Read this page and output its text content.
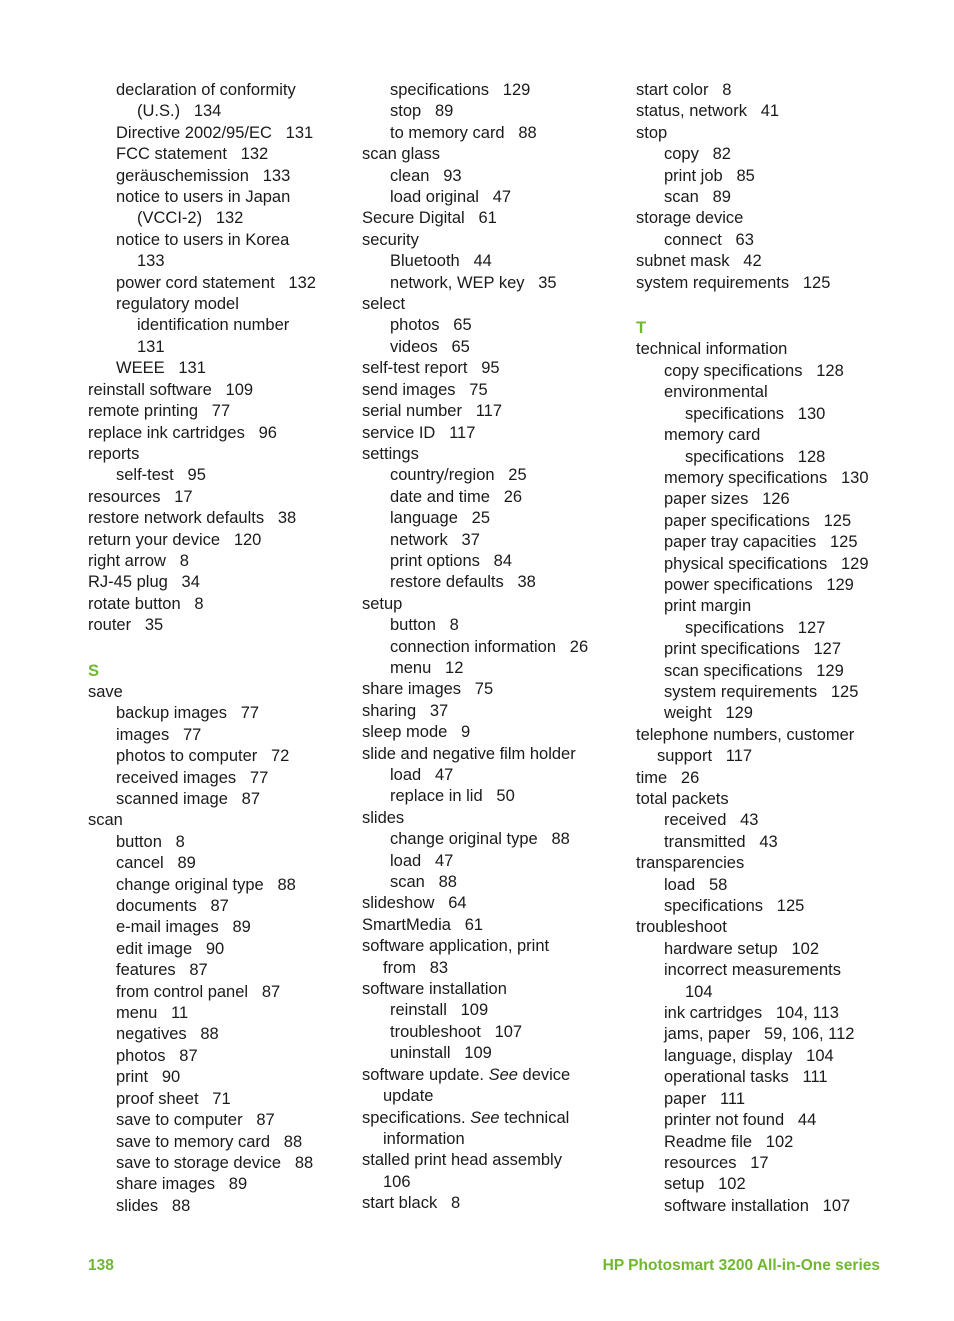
declaration of conformity
(U.S.)   134
Directive 2002/95/EC   131
FCC statement   132
geräuschemission   133
notice to users in Japan
(VCCI-2)   132
notice to users in Korea
133
power cord statement   132
regulatory model
identification number
131
WEEE   131
reinstall software   109
remote printing   77
replace ink cartridges   96
reports
self-test   95
resources   17
restore network defaults   38
return your device   120
right arrow   8
RJ-45 plug   34
rotate button   8
router   35
S
save
backup images   77
images   77
photos to computer   72
received images   77
scanned image   87
scan
button   8
cancel   89
change original type   88
documents   87
e-mail images   89
edit image   90
features   87
from control panel   87
menu   11
negatives   88
photos   87
print   90
proof sheet   71
save to computer   87
save to memory card   88
save to storage device   88
share images   89
slides   88
specifications   129
stop   89
to memory card   88
scan glass
clean   93
load original   47
Secure Digital   61
security
Bluetooth   44
network, WEP key   35
select
photos   65
videos   65
self-test report   95
send images   75
serial number   117
service ID   117
settings
country/region   25
date and time   26
language   25
network   37
print options   84
restore defaults   38
setup
button   8
connection information   26
menu   12
share images   75
sharing   37
sleep mode   9
slide and negative film holder
load   47
replace in lid   50
slides
change original type   88
load   47
scan   88
slideshow   64
SmartMedia   61
software application, print
from   83
software installation
reinstall   109
troubleshoot   107
uninstall   109
software update. See device
update
specifications. See technical
information
stalled print head assembly
106
start black   8
start color   8
status, network   41
stop
copy   82
print job   85
scan   89
storage device
connect   63
subnet mask   42
system requirements   125
T
technical information
copy specifications   128
environmental
specifications   130
memory card
specifications   128
memory specifications   130
paper sizes   126
paper specifications   125
paper tray capacities   125
physical specifications   129
power specifications   129
print margin
specifications   127
print specifications   127
scan specifications   129
system requirements   125
weight   129
telephone numbers, customer
support   117
time   26
total packets
received   43
transmitted   43
transparencies
load   58
specifications   125
troubleshoot
hardware setup   102
incorrect measurements
104
ink cartridges   104, 113
jams, paper   59, 106, 112
language, display   104
operational tasks   111
paper   111
printer not found   44
Readme file   102
resources   17
setup   102
software installation   107
138	HP Photosmart 3200 All-in-One series
